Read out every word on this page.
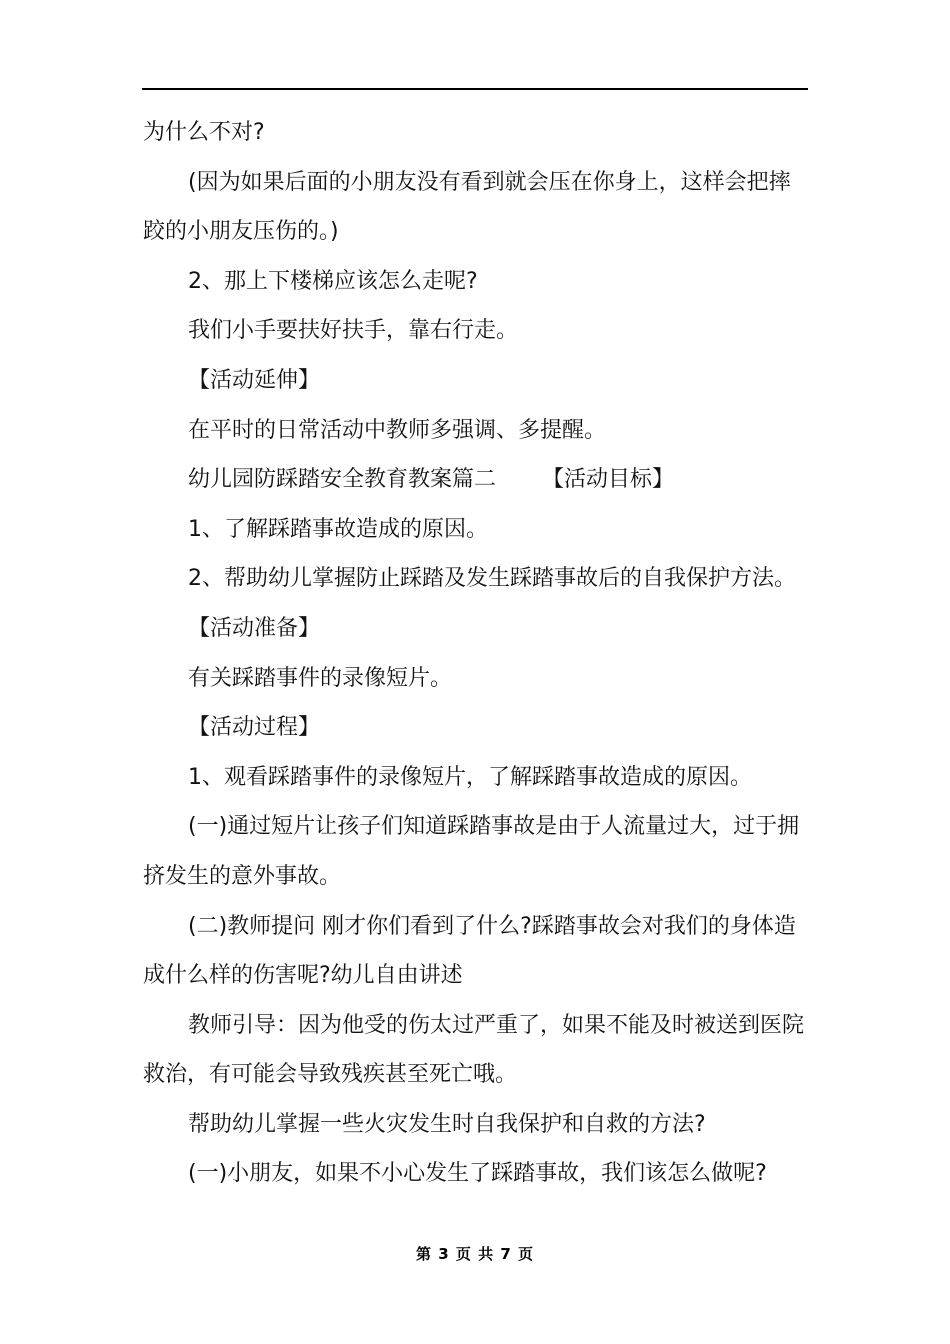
为什么不对?
(因为如果后面的小朋友没有看到就会压在你身上，这样会把摔
跤的小朋友压伤的。)
2、那上下楼梯应该怎么走呢?
我们小手要扶好扶手，靠右行走。
【活动延伸】
在平时的日常活动中教师多强调、多提醒。
幼儿园防踩踏安全教育教案篇二 【活动目标】
1、了解踩踏事故造成的原因。
2、帮助幼儿掌握防止踩踏及发生踩踏事故后的自我保护方法。
【活动准备】
有关踩踏事件的录像短片。
【活动过程】
1、观看踩踏事件的录像短片，了解踩踏事故造成的原因。
(一)通过短片让孩子们知道踩踏事故是由于人流量过大，过于拥
挤发生的意外事故。
(二)教师提问 刚才你们看到了什么?踩踏事故会对我们的身体造
成什么样的伤害呢?幼儿自由讲述
教师引导：因为他受的伤太过严重了，如果不能及时被送到医院
救治，有可能会导致残疾甚至死亡哦。
帮助幼儿掌握一些火灾发生时自我保护和自救的方法?
(一)小朋友，如果不小心发生了踩踏事故，我们该怎么做呢?
第 3 页 共 7 页
